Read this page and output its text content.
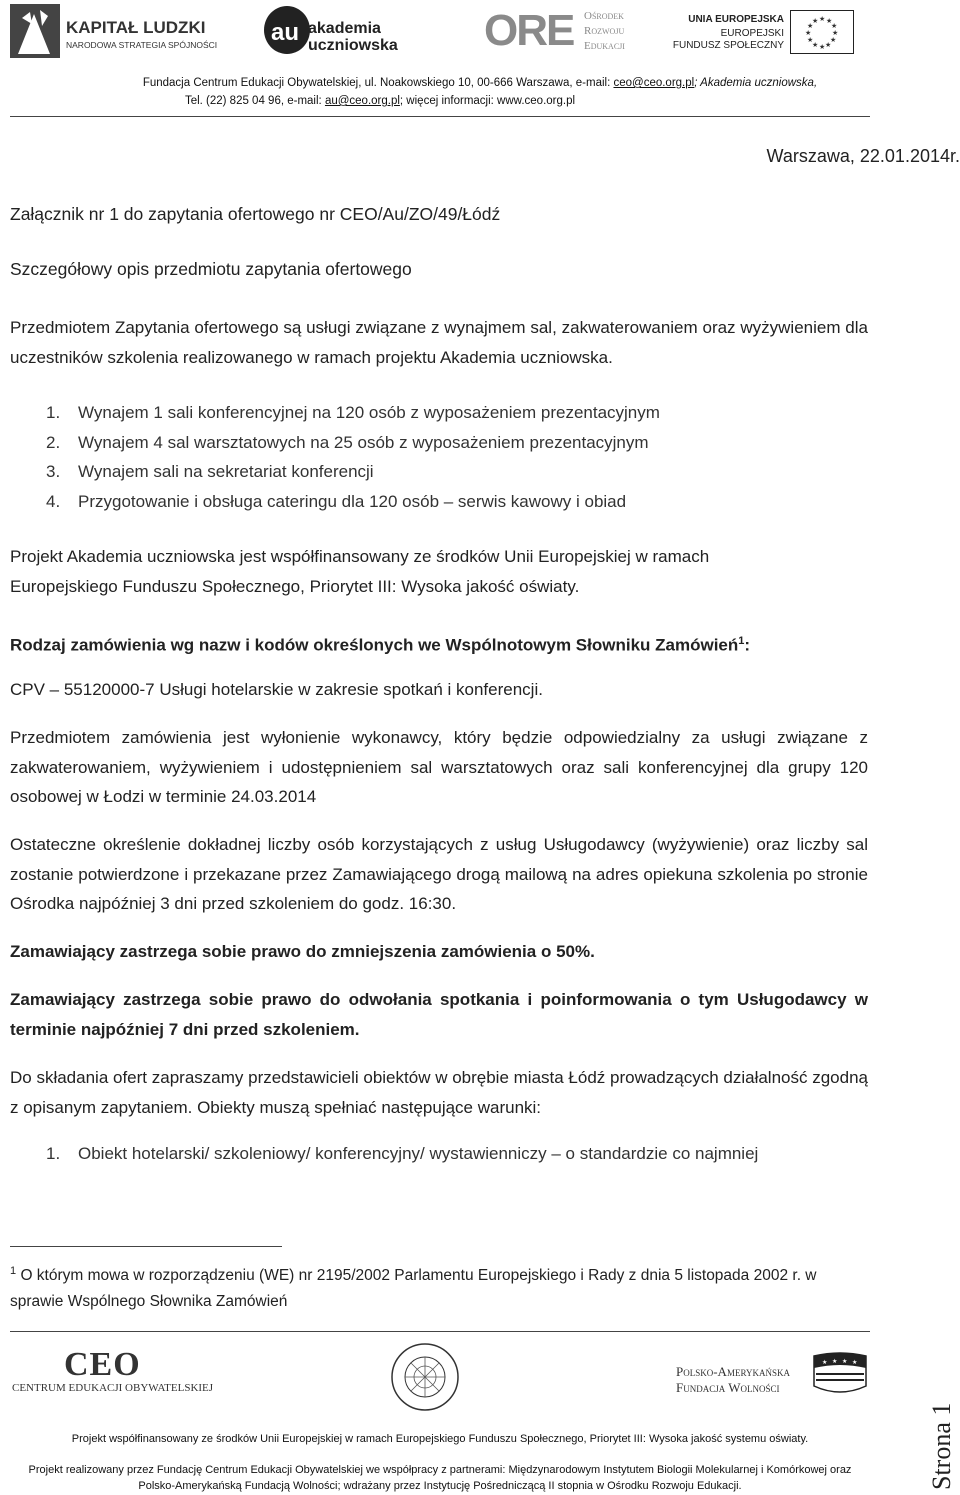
KAPITAŁ LUDZKI
NARODOWA STRATEGIA SPÓJNOŚCI au akademia
uczniowska ORE Ośrodek
Rozwoju
Edukacji
UNIA EUROPEJSKA
EUROPEJSKI
FUNDUSZ SPOŁECZNY
★ ★
★
★
★
★
★
★
★
★
★
★
Fundacja Centrum Edukacji Obywatelskiej, ul. Noakowskiego 10, 00-666 Warszawa, e-mail: ceo@ceo.org.pl; Akademia uczniowska,
Tel. (22) 825 04 96, e-mail: au@ceo.org.pl; więcej informacji: www.ceo.org.pl
Warszawa, 22.01.2014r.
Załącznik nr 1 do zapytania ofertowego nr CEO/Au/ZO/49/Łódź
Szczegółowy opis przedmiotu zapytania ofertowego
Przedmiotem Zapytania ofertowego są usługi związane z wynajmem sal, zakwaterowaniem oraz wyżywieniem dla uczestników szkolenia realizowanego w ramach projektu Akademia uczniowska.
1. Wynajem 1 sali konferencyjnej na 120 osób z wyposażeniem prezentacyjnym
2. Wynajem 4 sal warsztatowych na 25 osób z wyposażeniem prezentacyjnym
3. Wynajem sali na sekretariat konferencji
4. Przygotowanie i obsługa cateringu dla 120 osób – serwis kawowy i obiad
Projekt Akademia uczniowska jest współfinansowany ze środków Unii Europejskiej w ramach Europejskiego Funduszu Społecznego, Priorytet III: Wysoka jakość oświaty.
Rodzaj zamówienia wg nazw i kodów określonych we Wspólnotowym Słowniku Zamówień$^1$:
CPV – 55120000-7 Usługi hotelarskie w zakresie spotkań i konferencji.
Przedmiotem zamówienia jest wyłonienie wykonawcy, który będzie odpowiedzialny za usługi związane z zakwaterowaniem, wyżywieniem i udostępnieniem sal warsztatowych oraz sali konferencyjnej dla grupy 120 osobowej w Łodzi w terminie 24.03.2014
Ostateczne określenie dokładnej liczby osób korzystających z usług Usługodawcy (wyżywienie) oraz liczby sal zostanie potwierdzone i przekazane przez Zamawiającego drogą mailową na adres opiekuna szkolenia po stronie Ośrodka najpóźniej 3 dni przed szkoleniem do godz. 16:30.
Zamawiający zastrzega sobie prawo do zmniejszenia zamówienia o 50%.
Zamawiający zastrzega sobie prawo do odwołania spotkania i poinformowania o tym Usługodawcy w terminie najpóźniej 7 dni przed szkoleniem.
Do składania ofert zapraszamy przedstawicieli obiektów w obrębie miasta Łódź prowadzących działalność zgodną z opisanym zapytaniem. Obiekty muszą spełniać następujące warunki:
1. Obiekt hotelarski/ szkoleniowy/ konferencyjny/ wystawienniczy – o standardzie co najmniej
$^1$ O którym mowa w rozporządzeniu (WE) nr 2195/2002 Parlamentu Europejskiego i Rady z dnia 5 listopada 2002 r. w sprawie Wspólnego Słownika Zamówień
CEO
CENTRUM EDUKACJI OBYWATELSKIEJ
Polsko-Amerykańska
Fundacja Wolności
★ ★ ★ ★
Projekt współfinansowany ze środków Unii Europejskiej w ramach Europejskiego Funduszu Społecznego, Priorytet III: Wysoka jakość systemu oświaty.
Projekt realizowany przez Fundację Centrum Edukacji Obywatelskiej we współpracy z partnerami: Międzynarodowym Instytutem Biologii Molekularnej i Komórkowej oraz
Polsko-Amerykańską Fundacją Wolności; wdrażany przez Instytucję Pośredniczącą II stopnia w Ośrodku Rozwoju Edukacji.	Strona 1
